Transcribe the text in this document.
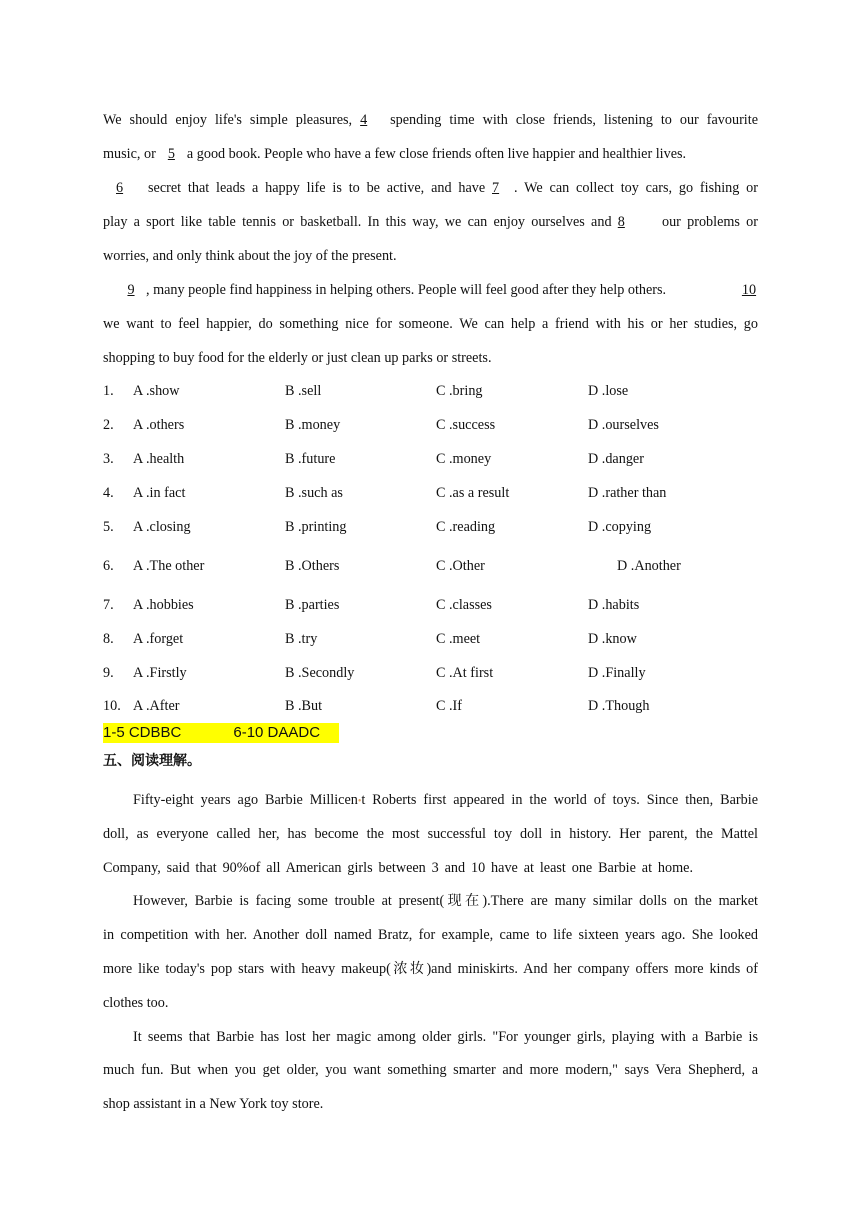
We should enjoy life's simple pleasures, 4 spending time with close friends, listening to our favourite
music, or 5 a good book. People who have a few close friends often live happier and healthier lives.
6 secret that leads a happy life is to be active, and have 7 . We can collect toy cars, go fishing or
play a sport like table tennis or basketball. In this way, we can enjoy ourselves and 8 our problems or
worries, and only think about the joy of the present.
9 , many people find happiness in helping others. People will feel good after they help others.	10
we want to feel happier, do something nice for someone. We can help a friend with his or her studies, go
shopping to buy food for the elderly or just clean up parks or streets.
1. A .show	B .sell	C .bring	D .lose
2. A .others	B .money	C .success	D .ourselves
3. A .health	B .future	C .money	D .danger
4. A .in fact	B .such as	C .as a result	D .rather than
5. A .closing	B .printing	C .reading	D .copying
6. A .The other	B .Others	C .Other	D .Another
7. A .hobbies	B .parties	C .classes	D .habits
8. A .forget	B .try	C .meet	D .know
9. A .Firstly	B .Secondly	C .At first	D .Finally
10. A .After	B .But	C .If	D .Though
1-5 CDBBC	6-10 DAADC
五、阅读理解。
Fifty-eight years ago Barbie Millicen•t Roberts first appeared in the world of toys. Since then, Barbie
doll, as everyone called her, has become the most successful toy doll in history. Her parent, the Mattel
Company, said that 90%of all American girls between 3 and 10 have at least one Barbie at home.
However, Barbie is facing some trouble at present(现在).There are many similar dolls on the market
in competition with her. Another doll named Bratz, for example, came to life sixteen years ago. She looked
more like today's pop stars with heavy makeup(浓妆)and miniskirts. And her company offers more kinds of
clothes too.
It seems that Barbie has lost her magic among older girls. "For younger girls, playing with a Barbie is
much fun. But when you get older, you want something smarter and more modern," says Vera Shepherd, a
shop assistant in a New York toy store.
